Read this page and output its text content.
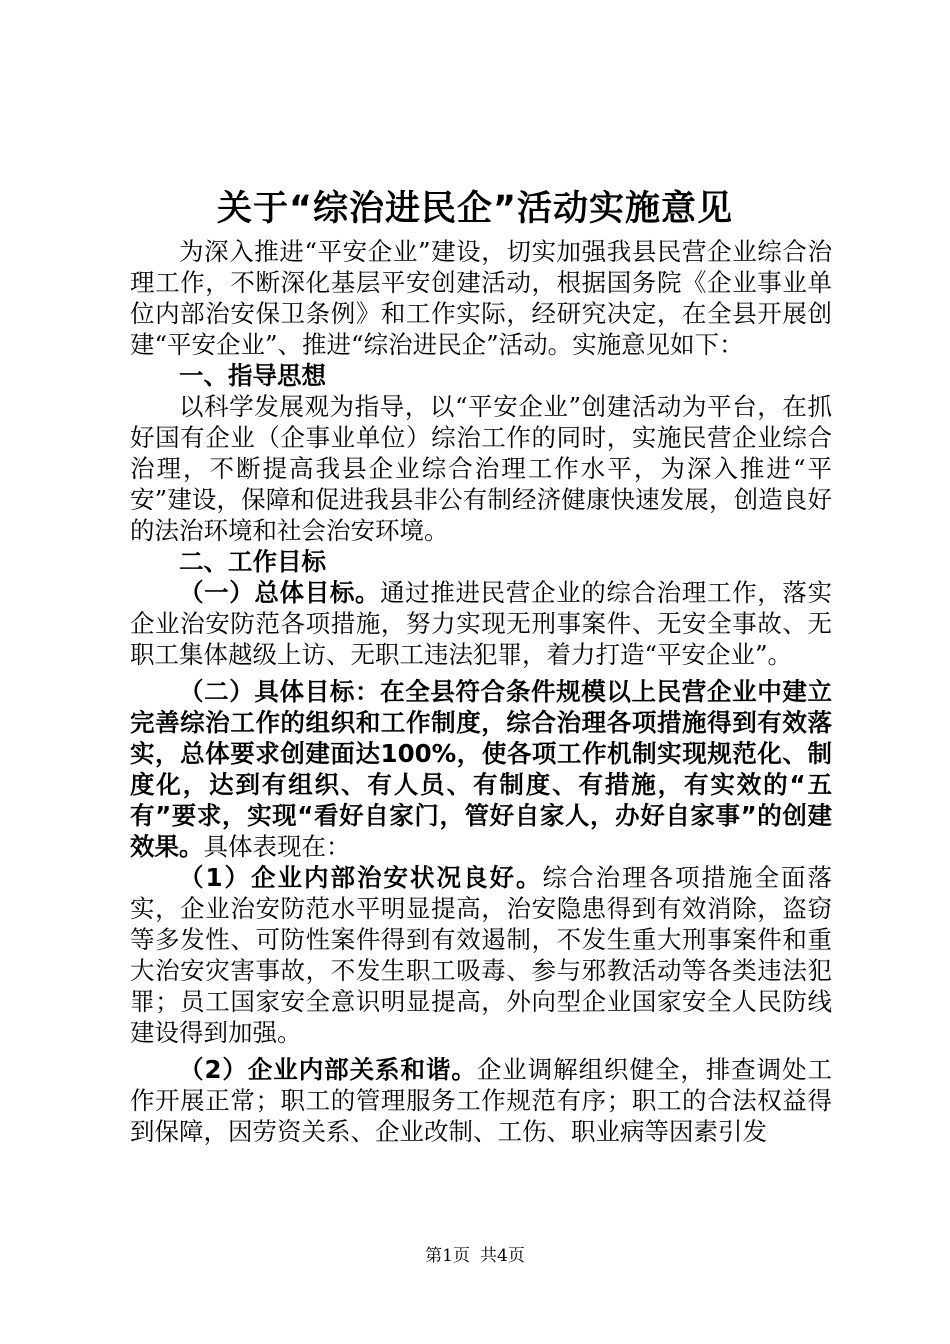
关于“综治进民企”活动实施意见

为深入推进“平安企业”建设，切实加强我县民营企业综合治理工作，不断深化基层平安创建活动，根据国务院《企业事业单位内部治安保卫条例》和工作实际，经研究决定，在全县开展创建“平安企业”、推进“综治进民企”活动。实施意见如下：

一、指导思想

以科学发展观为指导，以“平安企业”创建活动为平台，在抓好国有企业（企事业单位）综治工作的同时，实施民营企业综合治理，不断提高我县企业综合治理工作水平，为深入推进“平安”建设，保障和促进我县非公有制经济健康快速发展，创造良好的法治环境和社会治安环境。

二、工作目标

（一）总体目标。通过推进民营企业的综合治理工作，落实企业治安防范各项措施，努力实现无刑事案件、无安全事故、无职工集体越级上访、无职工违法犯罪，着力打造“平安企业”。

（二）具体目标：在全县符合条件规模以上民营企业中建立完善综治工作的组织和工作制度，综合治理各项措施得到有效落实，总体要求创建面达100%，使各项工作机制实现规范化、制度化，达到有组织、有人员、有制度、有措施，有实效的“五有”要求，实现“看好自家门，管好自家人，办好自家事”的创建效果。具体表现在：

（1）企业内部治安状况良好。综合治理各项措施全面落实，企业治安防范水平明显提高，治安隐患得到有效消除，盗窃等多发性、可防性案件得到有效遏制，不发生重大刑事案件和重大治安灾害事故，不发生职工吸毒、参与邪教活动等各类违法犯罪；员工国家安全意识明显提高，外向型企业国家安全人民防线建设得到加强。

（2）企业内部关系和谐。企业调解组织健全，排查调处工作开展正常；职工的管理服务工作规范有序；职工的合法权益得到保障，因劳资关系、企业改制、工伤、职业病等因素引发

第1页 共4页
